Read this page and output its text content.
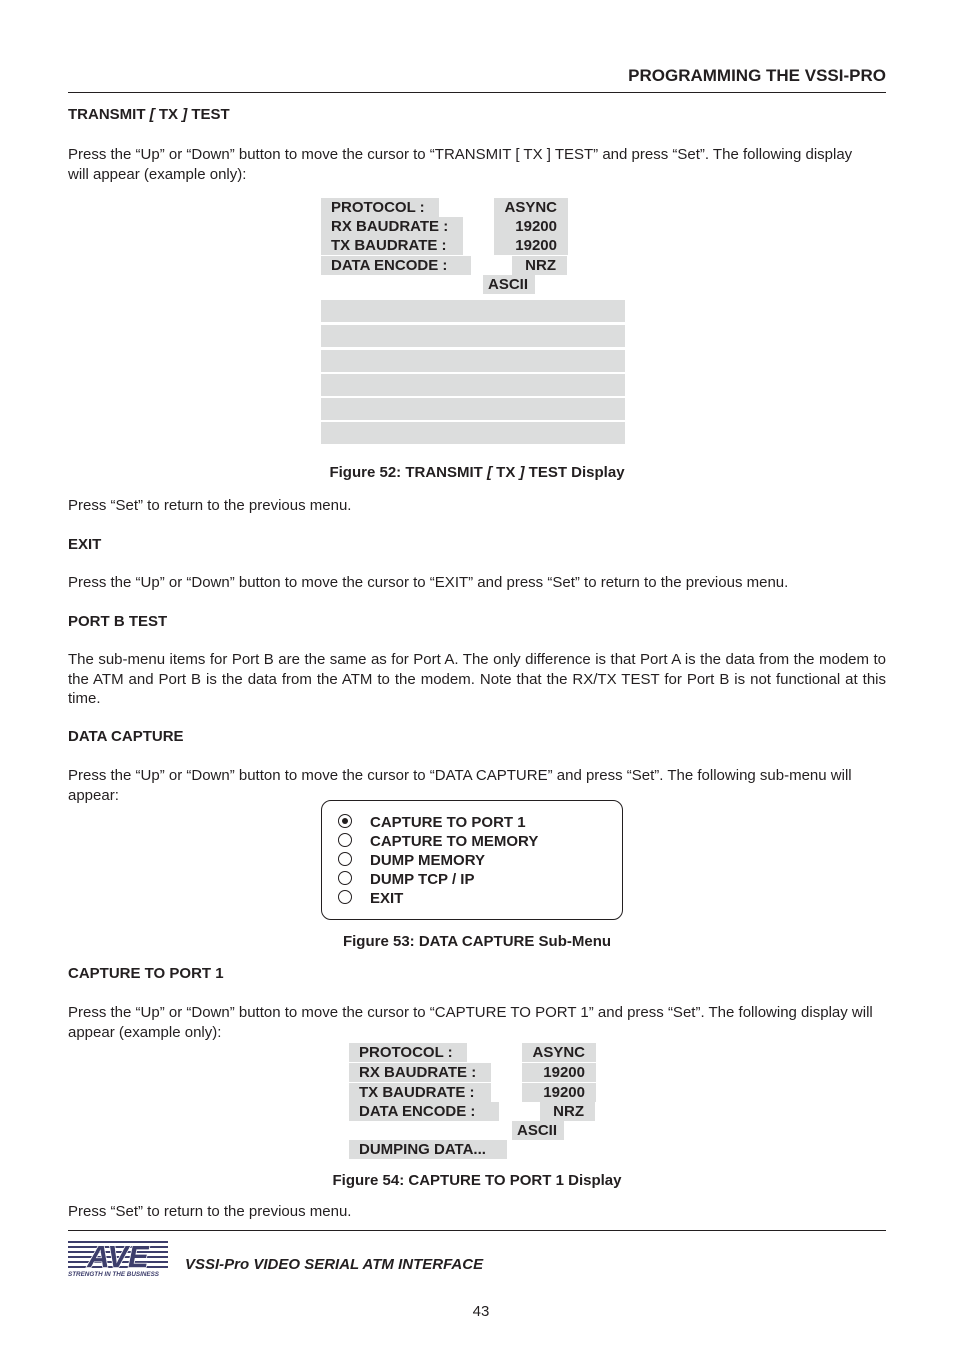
PROGRAMMING THE VSSI-PRO
TRANSMIT [ TX ] TEST
Press the “Up” or “Down” button to move the cursor to “TRANSMIT [ TX ] TEST” and press “Set”. The following display
will appear (example only):
PROTOCOL :	ASYNC
RX BAUDRATE :	19200
TX BAUDRATE :	19200
DATA ENCODE :	NRZ
ASCII
Figure 52: TRANSMIT [ TX ] TEST Display
Press “Set” to return to the previous menu.
EXIT
Press the “Up” or “Down” button to move the cursor to “EXIT” and press “Set” to return to the previous menu.
PORT B TEST
The sub-menu items for Port B are the same as for Port A. The only difference is that Port A is the data from the modem to the ATM and Port B is the data from the ATM to the modem. Note that the RX/TX TEST for Port B is not functional at this time.
DATA CAPTURE
Press the “Up” or “Down” button to move the cursor to “DATA CAPTURE” and press “Set”. The following sub-menu will appear:
CAPTURE TO PORT 1
CAPTURE TO MEMORY
DUMP MEMORY
DUMP TCP / IP
EXIT
Figure 53: DATA CAPTURE Sub-Menu
CAPTURE TO PORT 1
Press the “Up” or “Down” button to move the cursor to “CAPTURE TO PORT 1” and press “Set”. The following display will appear (example only):
PROTOCOL :	ASYNC
RX BAUDRATE :	19200
TX BAUDRATE :	19200
DATA ENCODE :	NRZ
ASCII
DUMPING DATA...
Figure 54: CAPTURE TO PORT 1 Display
Press “Set” to return to the previous menu.
AVE
STRENGTH IN THE BUSINESS
VSSI-Pro VIDEO SERIAL ATM INTERFACE
43
